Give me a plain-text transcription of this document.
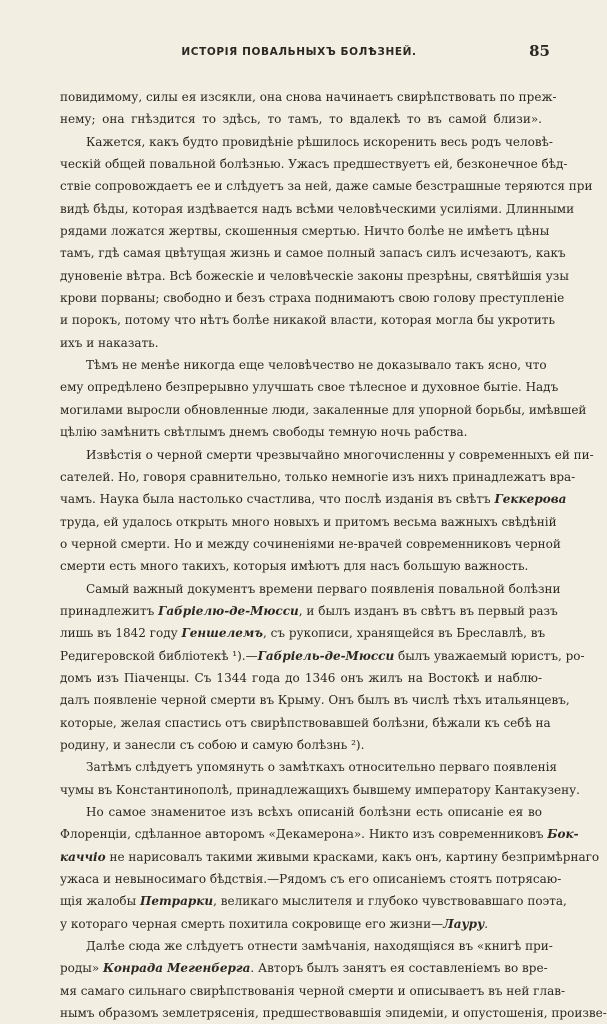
ИСТОРІЯ ПОВАЛЬНЫХЪ БОЛѢЗНЕЙ.	85
повидимому, силы ея изсякли, она снова начинаетъ свирѣпствовать по преж-
нему; она гнѣздится то здѣсь, то тамъ, то вдалекѣ то въ самой близи».
Кажется, какъ будто провидѣніе рѣшилось искоренить весь родъ человѣ-
ческій общей повальной болѣзнью. Ужасъ предшествуетъ ей, безконечное бѣд-
ствіе сопровождаетъ ее и слѣдуетъ за ней, даже самые безстрашные теряются при
видѣ бѣды, которая издѣвается надъ всѣми человѣческими усиліями. Длинными
рядами ложатся жертвы, скошенныя смертью. Ничто болѣе не имѣетъ цѣны
тамъ, гдѣ самая цвѣтущая жизнь и самое полный запасъ силъ исчезаютъ, какъ
дуновеніе вѣтра. Всѣ божескіе и человѣческіе законы презрѣны, святѣйшія узы
крови порваны; свободно и безъ страха поднимаютъ свою голову преступленіе
и порокъ, потому что нѣтъ болѣе никакой власти, которая могла бы укротить
ихъ и наказать.
Тѣмъ не менѣе никогда еще человѣчество не доказывало такъ ясно, что
ему опредѣлено безпрерывно улучшать свое тѣлесное и духовное бытіе. Надъ
могилами выросли обновленные люди, закаленные для упорной борьбы, имѣвшей
цѣлію замѣнить свѣтлымъ днемъ свободы темную ночь рабства.
Извѣстія о черной смерти чрезвычайно многочисленны у современныхъ ей пи-
сателей. Но, говоря сравнительно, только немногіе изъ нихъ принадлежатъ вра-
чамъ. Наука была настолько счастлива, что послѣ изданія въ свѣтъ Геккерова
труда, ей удалось открыть много новыхъ и притомъ весьма важныхъ свѣдѣній
о черной смерти. Но и между сочиненіями не-врачей современниковъ черной
смерти есть много такихъ, которыя имѣютъ для насъ большую важность.
Самый важный документъ времени перваго появленія повальной болѣзни
принадлежитъ Габріелю-де-Мюсси, и былъ изданъ въ свѣтъ въ первый разъ
лишь въ 1842 году Геншелемъ, съ рукописи, хранящейся въ Бреславлѣ, въ
Редигеровской библіотекѣ ¹).—Габріель-де-Мюсси былъ уважаемый юристъ, ро-
домъ изъ Піаченцы. Съ 1344 года до 1346 онъ жилъ на Востокѣ и наблю-
далъ появленіе черной смерти въ Крыму. Онъ былъ въ числѣ тѣхъ итальянцевъ,
которые, желая спастись отъ свирѣпствовавшей болѣзни, бѣжали къ себѣ на
родину, и занесли съ собою и самую болѣзнь ²).
Затѣмъ слѣдуетъ упомянуть о замѣткахъ относительно перваго появленія
чумы въ Константинополѣ, принадлежащихъ бывшему императору Кантакузену.
Но самое знаменитое изъ всѣхъ описаній болѣзни есть описаніе ея во
Флоренціи, сдѣланное авторомъ «Декамерона». Никто изъ современниковъ Бок-
каччіо не нарисовалъ такими живыми красками, какъ онъ, картину безпримѣрнаго
ужаса и невыносимаго бѣдствія.—Рядомъ съ его описаніемъ стоятъ потрясаю-
щія жалобы Петрарки, великаго мыслителя и глубоко чувствовавшаго поэта,
у котораго черная смерть похитила сокровище его жизни—Лауру.
Далѣе сюда же слѣдуетъ отнести замѣчанія, находящіяся въ «книгѣ при-
роды» Конрада Мегенберга. Авторъ былъ занятъ ея составленіемъ во вре-
мя самаго сильнаго свирѣпствованія черной смерти и описываетъ въ ней глав-
нымъ образомъ землетрясенія, предшествовавшія эпидеміи, и опустошенія, произве-
